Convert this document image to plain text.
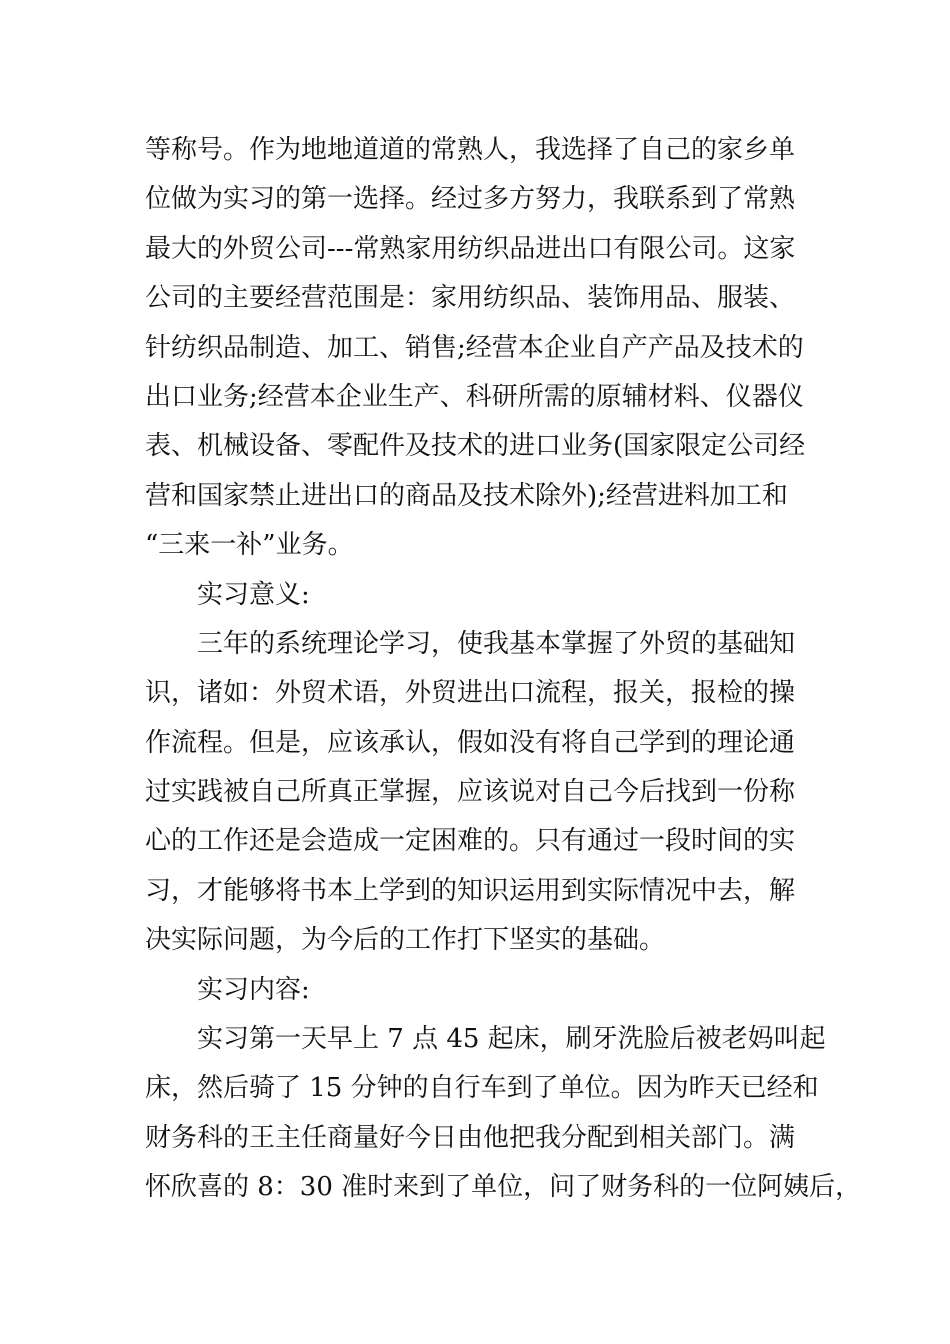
等称号。作为地地道道的常熟人，我选择了自己的家乡单
位做为实习的第一选择。经过多方努力，我联系到了常熟
最大的外贸公司---常熟家用纺织品进出口有限公司。这家
公司的主要经营范围是：家用纺织品、装饰用品、服装、
针纺织品制造、加工、销售;经营本企业自产产品及技术的
出口业务;经营本企业生产、科研所需的原辅材料、仪器仪
表、机械设备、零配件及技术的进口业务(国家限定公司经
营和国家禁止进出口的商品及技术除外);经营进料加工和
“三来一补”业务。
实习意义:
三年的系统理论学习，使我基本掌握了外贸的基础知
识，诸如：外贸术语，外贸进出口流程，报关，报检的操
作流程。但是，应该承认，假如没有将自己学到的理论通
过实践被自己所真正掌握，应该说对自己今后找到一份称
心的工作还是会造成一定困难的。只有通过一段时间的实
习，才能够将书本上学到的知识运用到实际情况中去，解
决实际问题，为今后的工作打下坚实的基础。
实习内容:
实习第一天早上 7 点 45 起床，刷牙洗脸后被老妈叫起
床，然后骑了 15 分钟的自行车到了单位。因为昨天已经和
财务科的王主任商量好今日由他把我分配到相关部门。满
怀欣喜的 8：30 准时来到了单位，问了财务科的一位阿姨后，
